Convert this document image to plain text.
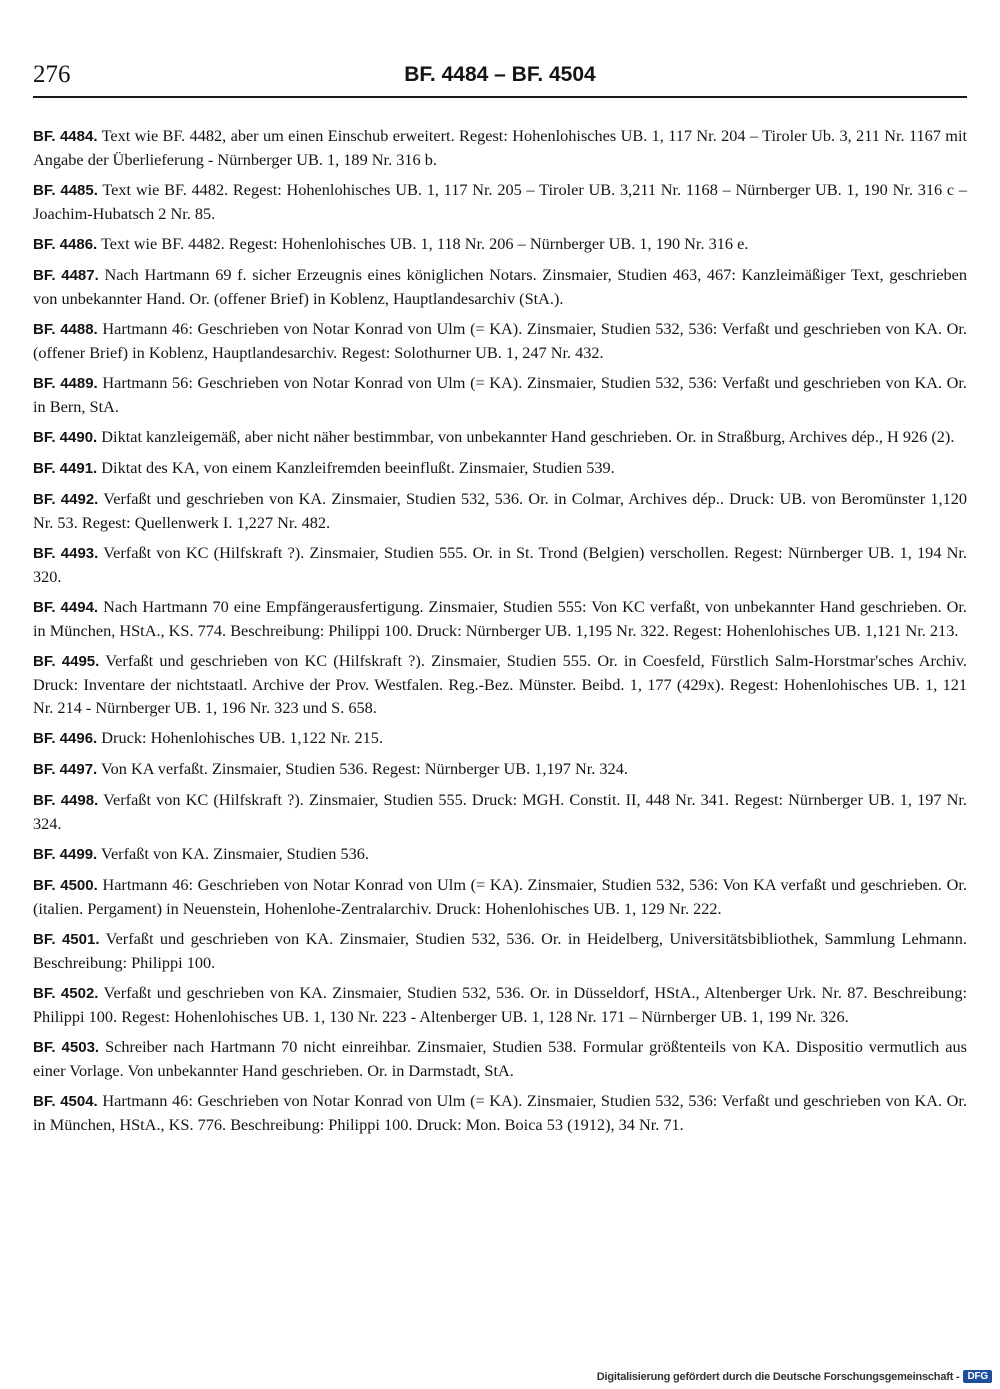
276	BF. 4484 – BF. 4504

BF. 4484. Text wie BF. 4482, aber um einen Einschub erweitert. Regest: Hohenlohisches UB. 1, 117 Nr. 204 – Tiroler Ub. 3, 211 Nr. 1167 mit Angabe der Überlieferung - Nürnberger UB. 1, 189 Nr. 316 b.

BF. 4485. Text wie BF. 4482. Regest: Hohenlohisches UB. 1, 117 Nr. 205 – Tiroler UB. 3,211 Nr. 1168 – Nürnberger UB. 1, 190 Nr. 316 c – Joachim-Hubatsch 2 Nr. 85.

BF. 4486. Text wie BF. 4482. Regest: Hohenlohisches UB. 1, 118 Nr. 206 – Nürnberger UB. 1, 190 Nr. 316 e.

BF. 4487. Nach Hartmann 69 f. sicher Erzeugnis eines königlichen Notars. Zinsmaier, Studien 463, 467: Kanzleimäßiger Text, geschrieben von unbekannter Hand. Or. (offener Brief) in Koblenz, Hauptlandesarchiv (StA.).

BF. 4488. Hartmann 46: Geschrieben von Notar Konrad von Ulm (= KA). Zinsmaier, Studien 532, 536: Verfaßt und geschrieben von KA. Or. (offener Brief) in Koblenz, Hauptlandesarchiv. Regest: Solothurner UB. 1, 247 Nr. 432.

BF. 4489. Hartmann 56: Geschrieben von Notar Konrad von Ulm (= KA). Zinsmaier, Studien 532, 536: Verfaßt und geschrieben von KA. Or. in Bern, StA.

BF. 4490. Diktat kanzleigemäß, aber nicht näher bestimmbar, von unbekannter Hand geschrieben. Or. in Straßburg, Archives dép., H 926 (2).

BF. 4491. Diktat des KA, von einem Kanzleifremden beeinflußt. Zinsmaier, Studien 539.

BF. 4492. Verfaßt und geschrieben von KA. Zinsmaier, Studien 532, 536. Or. in Colmar, Archives dép.. Druck: UB. von Beromünster 1,120 Nr. 53. Regest: Quellenwerk I. 1,227 Nr. 482.

BF. 4493. Verfaßt von KC (Hilfskraft ?). Zinsmaier, Studien 555. Or. in St. Trond (Belgien) verschollen. Regest: Nürnberger UB. 1, 194 Nr. 320.

BF. 4494. Nach Hartmann 70 eine Empfängerausfertigung. Zinsmaier, Studien 555: Von KC verfaßt, von unbekannter Hand geschrieben. Or. in München, HStA., KS. 774. Beschreibung: Philippi 100. Druck: Nürnberger UB. 1,195 Nr. 322. Regest: Hohenlohisches UB. 1,121 Nr. 213.

BF. 4495. Verfaßt und geschrieben von KC (Hilfskraft ?). Zinsmaier, Studien 555. Or. in Coesfeld, Fürstlich Salm-Horstmar'sches Archiv. Druck: Inventare der nichtstaatl. Archive der Prov. Westfalen. Reg.-Bez. Münster. Beibd. 1, 177 (429x). Regest: Hohenlohisches UB. 1, 121 Nr. 214 - Nürnberger UB. 1, 196 Nr. 323 und S. 658.

BF. 4496. Druck: Hohenlohisches UB. 1,122 Nr. 215.

BF. 4497. Von KA verfaßt. Zinsmaier, Studien 536. Regest: Nürnberger UB. 1,197 Nr. 324.

BF. 4498. Verfaßt von KC (Hilfskraft ?). Zinsmaier, Studien 555. Druck: MGH. Constit. II, 448 Nr. 341. Regest: Nürnberger UB. 1, 197 Nr. 324.

BF. 4499. Verfaßt von KA. Zinsmaier, Studien 536.

BF. 4500. Hartmann 46: Geschrieben von Notar Konrad von Ulm (= KA). Zinsmaier, Studien 532, 536: Von KA verfaßt und geschrieben. Or. (italien. Pergament) in Neuenstein, Hohenlohe-Zentralarchiv. Druck: Hohenlohisches UB. 1, 129 Nr. 222.

BF. 4501. Verfaßt und geschrieben von KA. Zinsmaier, Studien 532, 536. Or. in Heidelberg, Universitätsbibliothek, Sammlung Lehmann. Beschreibung: Philippi 100.

BF. 4502. Verfaßt und geschrieben von KA. Zinsmaier, Studien 532, 536. Or. in Düsseldorf, HStA., Altenberger Urk. Nr. 87. Beschreibung: Philippi 100. Regest: Hohenlohisches UB. 1, 130 Nr. 223 - Altenberger UB. 1, 128 Nr. 171 – Nürnberger UB. 1, 199 Nr. 326.

BF. 4503. Schreiber nach Hartmann 70 nicht einreihbar. Zinsmaier, Studien 538. Formular größtenteils von KA. Dispositio vermutlich aus einer Vorlage. Von unbekannter Hand geschrieben. Or. in Darmstadt, StA.

BF. 4504. Hartmann 46: Geschrieben von Notar Konrad von Ulm (= KA). Zinsmaier, Studien 532, 536: Verfaßt und geschrieben von KA. Or. in München, HStA., KS. 776. Beschreibung: Philippi 100. Druck: Mon. Boica 53 (1912), 34 Nr. 71.

Digitalisierung gefördert durch die Deutsche Forschungsgemeinschaft - DFG
